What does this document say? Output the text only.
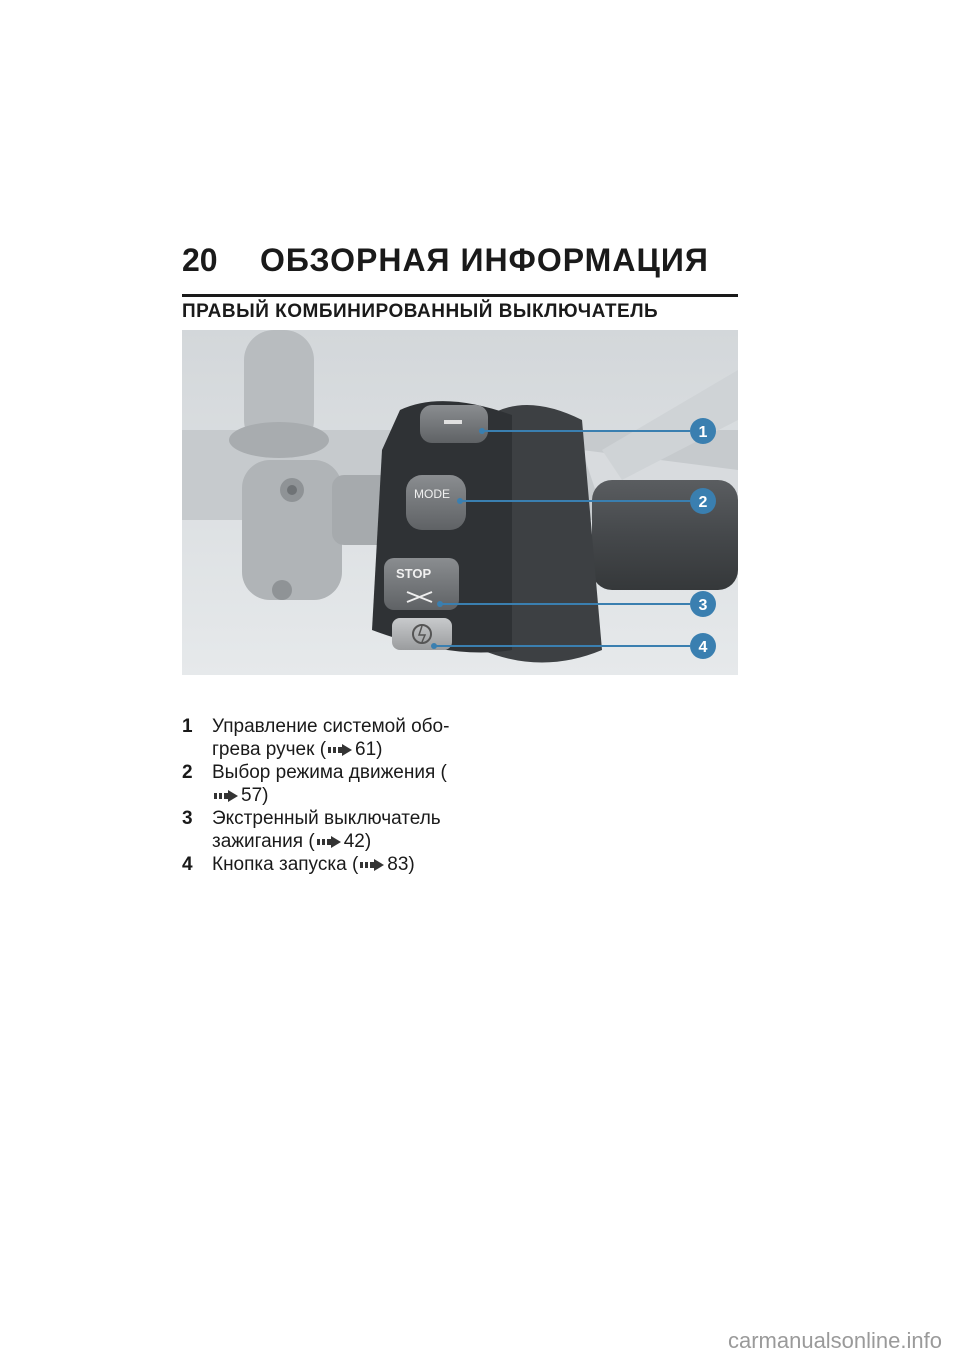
20 ОБЗОРНАЯ ИНФОРМАЦИЯ
ПРАВЫЙ КОМБИНИРОВАННЫЙ ВЫКЛЮЧАТЕЛЬ
MODE
STOP
1
2
3
4
1	Управление системой обо-грева ручек ( 61)
2	Выбор режима движения (57)
3	Экстренный выключатель зажигания ( 42)
4	Кнопка запуска ( 83)
carmanualsonline.info
